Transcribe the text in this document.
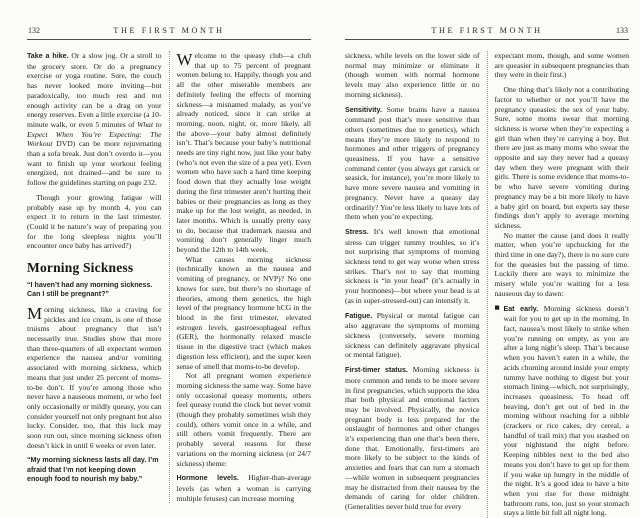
132	THE FIRST MONTH

Take a hike. Or a slow jog. Or a stroll to the grocery store. Or do a pregnancy exercise or yoga routine. Sure, the couch has never looked more inviting—but paradoxically, too much rest and not enough activity can be a drag on your energy reserves. Even a little exercise (a 10-minute walk, or even 5 minutes of What to Expect When You’re Expecting: The Workout DVD) can be more rejuvenating than a sofa break. Just don’t overdo it—you want to finish up your workout feeling energized, not drained—and be sure to follow the guidelines starting on page 232.

Though your growing fatigue will probably ease up by month 4, you can expect it to return in the last trimester. (Could it be nature’s way of preparing you for the long sleepless nights you’ll encounter once baby has arrived?)

Morning Sickness

“I haven’t had any morning sickness. Can I still be pregnant?”

Morning sickness, like a craving for pickles and ice cream, is one of those truisms about pregnancy that isn’t necessarily true. Studies show that more than three-quarters of all expectant women experience the nausea and/or vomiting associated with morning sickness, which means that just under 25 percent of moms-to-be don’t. If you’re among those who never have a nauseous moment, or who feel only occasionally or mildly queasy, you can consider yourself not only pregnant but also lucky. Consider, too, that this luck may soon run out, since morning sickness often doesn’t kick in until 6 weeks or even later.

“My morning sickness lasts all day. I’m afraid that I’m not keeping down enough food to nourish my baby.”

Welcome to the queasy club—a club that up to 75 percent of pregnant women belong to. Happily, though you and all the other miserable members are definitely feeling the effects of morning sickness—a misnamed malady, as you’ve already noticed, since it can strike at morning, noon, night, or, more likely, all the above—your baby almost definitely isn’t. That’s because your baby’s nutritional needs are tiny right now, just like your baby (who’s not even the size of a pea yet). Even women who have such a hard time keeping food down that they actually lose weight during the first trimester aren’t hurting their babies or their pregnancies as long as they make up for the lost weight, as needed, in later months. Which is usually pretty easy to do, because that trademark nausea and vomiting don’t generally linger much beyond the 12th to 14th week.

What causes morning sickness (technically known as the nausea and vomiting of pregnancy, or NVP)? No one knows for sure, but there’s no shortage of theories, among them genetics, the high level of the pregnancy hormone hCG in the blood in the first trimester, elevated estrogen levels, gastroesophageal reflux (GER), the hormonally relaxed muscle tissue in the digestive tract (which makes digestion less efficient), and the super keen sense of smell that moms-to-be develop.

Not all pregnant women experience morning sickness the same way. Some have only occasional queasy moments, others feel queasy round the clock but never vomit (though they probably sometimes wish they could), others vomit once in a while, and still others vomit frequently. There are probably several reasons for these variations on the morning sickness (or 24/7 sickness) theme:

Hormone levels. Higher-than-average levels (as when a woman is carrying multiple fetuses) can increase morning

THE FIRST MONTH	133

sickness, while levels on the lower side of normal may minimize or eliminate it (though women with normal hormone levels may also experience little or no morning sickness).

Sensitivity. Some brains have a nausea command post that’s more sensitive than others (sometimes due to genetics), which means they’re more likely to respond to hormones and other triggers of pregnancy queasiness. If you have a sensitive command center (you always get carsick or seasick, for instance), you’re more likely to have more severe nausea and vomiting in pregnancy. Never have a queasy day ordinarily? You’re less likely to have lots of them when you’re expecting.

Stress. It’s well known that emotional stress can trigger tummy troubles, so it’s not surprising that symptoms of morning sickness tend to get way worse when stress strikes. That’s not to say that morning sickness is “in your head” (it’s actually in your hormones)—but where your head is at (as in super-stressed-out) can intensify it.

Fatigue. Physical or mental fatigue can also aggravate the symptoms of morning sickness (conversely, severe morning sickness can definitely aggravate physical or mental fatigue).

First-timer status. Morning sickness is more common and tends to be more severe in first pregnancies, which supports the idea that both physical and emotional factors may be involved. Physically, the novice pregnant body is less prepared for the onslaught of hormones and other changes it’s experiencing than one that’s been there, done that. Emotionally, first-timers are more likely to be subject to the kinds of anxieties and fears that can turn a stomach—while women in subsequent pregnancies may be distracted from their nausea by the demands of caring for older children. (Generalities never hold true for every

expectant mom, though, and some women are queasier in subsequent pregnancies than they were in their first.)

One thing that’s likely not a contributing factor to whether or not you’ll have the pregnancy queasies: the sex of your baby. Sure, some moms swear that morning sickness is worse when they’re expecting a girl than when they’re carrying a boy. But there are just as many moms who swear the opposite and say they never had a queasy day when they were pregnant with their girls. There is some evidence that moms-to-be who have severe vomiting during pregnancy may be a bit more likely to have a baby girl on board, but experts say these findings don’t apply to average morning sickness.

No matter the cause (and does it really matter, when you’re upchucking for the third time in one day?), there is no sure cure for the queasies but the passing of time. Luckily there are ways to minimize the misery while you’re waiting for a less nauseous day to dawn:

■ Eat early. Morning sickness doesn’t wait for you to get up in the morning. In fact, nausea’s most likely to strike when you’re running on empty, as you are after a long night’s sleep. That’s because when you haven’t eaten in a while, the acids churning around inside your empty tummy have nothing to digest but your stomach lining—which, not surprisingly, increases queasiness. To head off heaving, don’t get out of bed in the morning without reaching for a nibble (crackers or rice cakes, dry cereal, a handful of trail mix) that you stashed on your nightstand the night before. Keeping nibbles next to the bed also means you don’t have to get up for them if you wake up hungry in the middle of the night. It’s a good idea to have a bite when you rise for those midnight bathroom runs, too, just so your stomach stays a little bit full all night long.
